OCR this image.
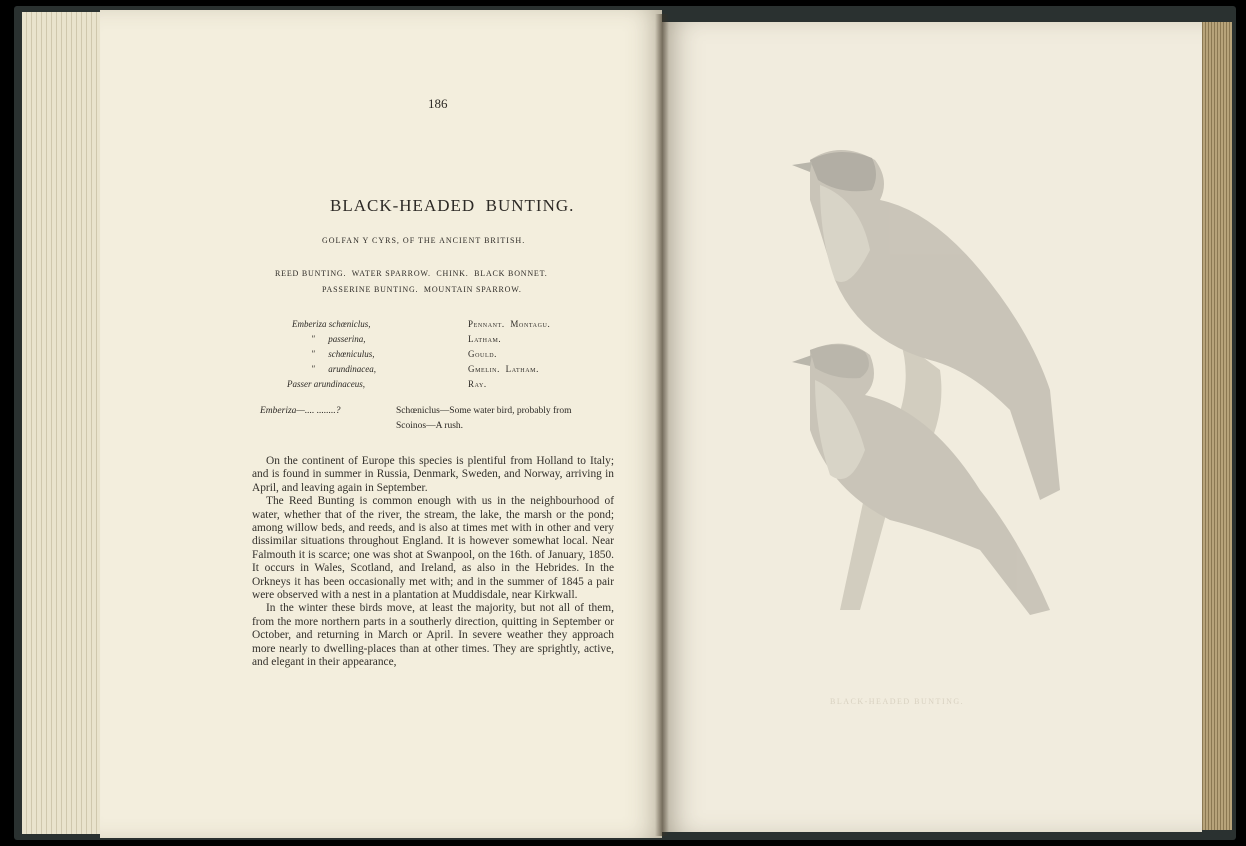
186
BLACK-HEADED  BUNTING.
GOLFAN Y CYRS, OF THE ANCIENT BRITISH.
REED BUNTING.  WATER SPARROW.  CHINK.  BLACK BONNET.
PASSERINE BUNTING.  MOUNTAIN SPARROW.
Emberiza schœniclus,
"      passerina,
"      schœniculus,
"      arundinacea,
Passer arundinaceus,
Pennant.  Montagu.
Latham.
Gould.
Gmelin.  Latham.
Ray.
Emberiza—.... ........?	Schœniclus—Some water bird, probably from
Scoinos—A rush.

On the continent of Europe this species is plentiful from Holland to Italy; and is found in summer in Russia, Denmark, Sweden, and Norway, arriving in April, and leaving again in September.

The Reed Bunting is common enough with us in the neighbourhood of water, whether that of the river, the stream, the lake, the marsh or the pond; among willow beds, and reeds, and is also at times met with in other and very dissimilar situations throughout England. It is however somewhat local. Near Falmouth it is scarce; one was shot at Swanpool, on the 16th. of January, 1850. It occurs in Wales, Scotland, and Ireland, as also in the Hebrides. In the Orkneys it has been occasionally met with; and in the summer of 1845 a pair were observed with a nest in a plantation at Muddisdale, near Kirkwall.

In the winter these birds move, at least the majority, but not all of them, from the more northern parts in a southerly direction, quitting in September or October, and returning in March or April. In severe weather they approach more nearly to dwelling-places than at other times. They are sprightly, active, and elegant in their appearance,

BLACK-HEADED BUNTING.
